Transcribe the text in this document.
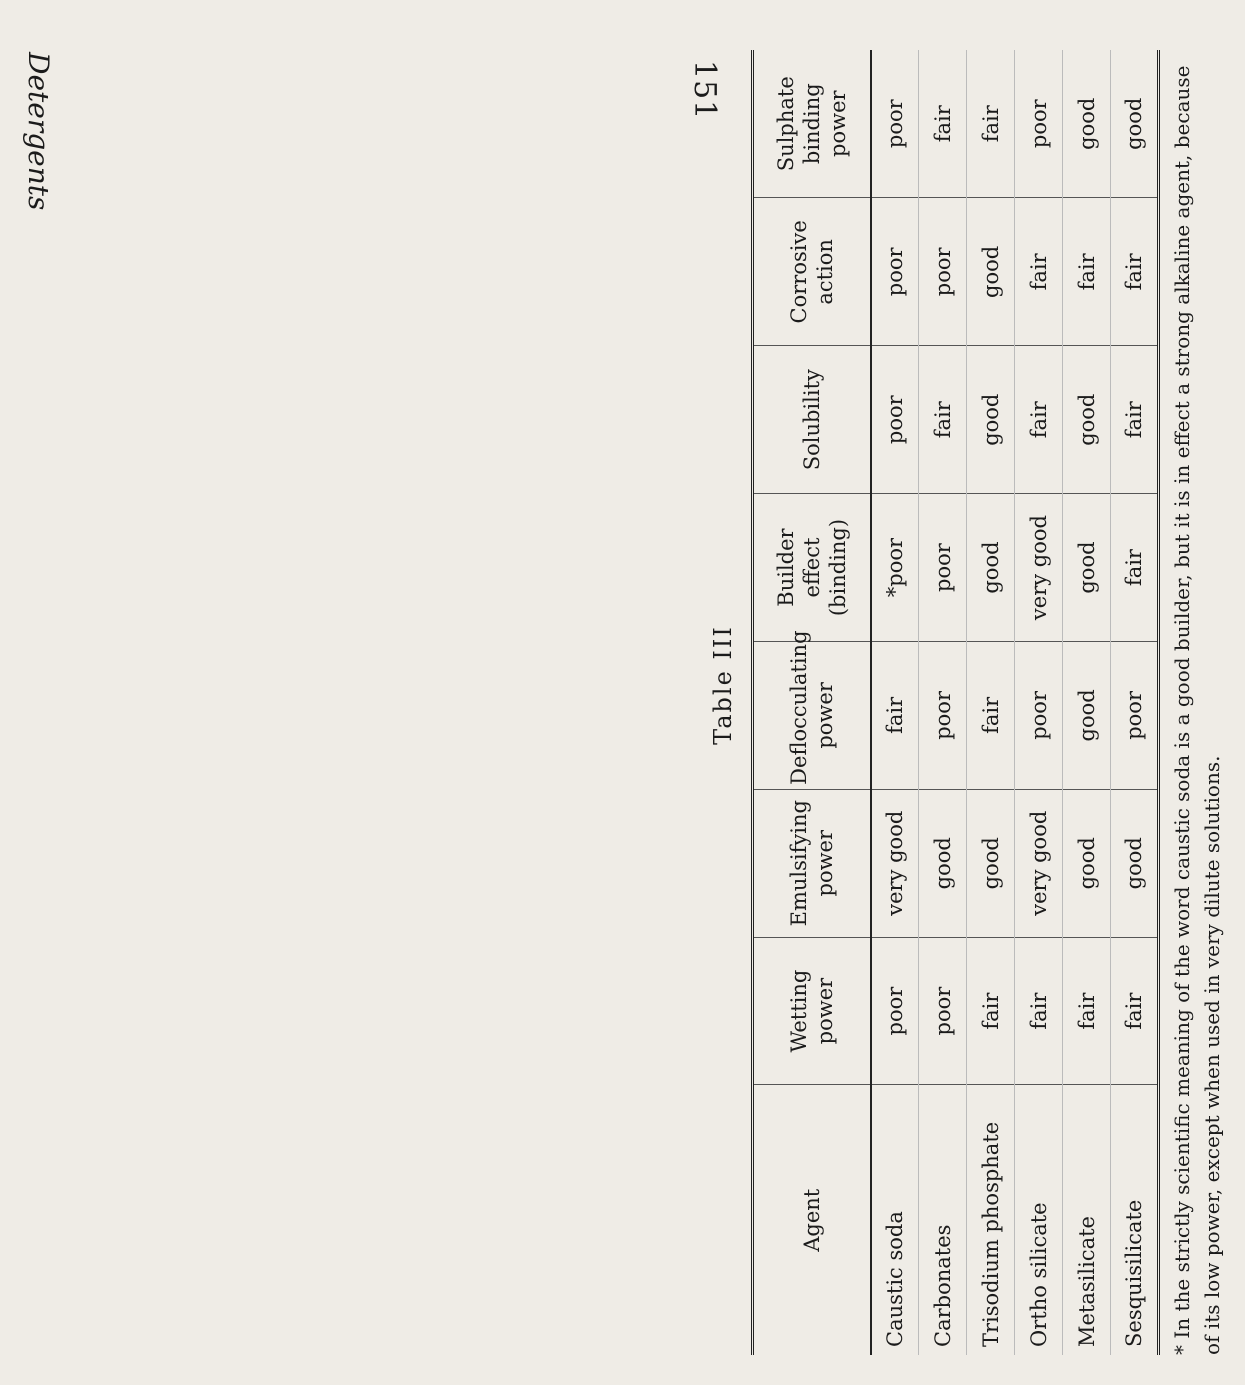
151
Detergents
Table III
Agent	Wetting power	Emulsifying power	Deflocculating power	Builder effect (binding)	Solubility	Corrosive action	Sulphate binding power
Caustic soda	poor	very good	fair	*poor	poor	poor	poor
Carbonates	poor	good	poor	poor	fair	poor	fair
Trisodium phosphate	fair	good	fair	good	good	good	fair
Ortho silicate	fair	very good	poor	very good	fair	fair	poor
Metasilicate	fair	good	good	good	good	fair	good
Sesquisilicate	fair	good	poor	fair	fair	fair	good * In the strictly scientific meaning of the word caustic soda is a good builder, but it is in effect a strong alkaline agent, because of its low power, except when used in very dilute solutions.
